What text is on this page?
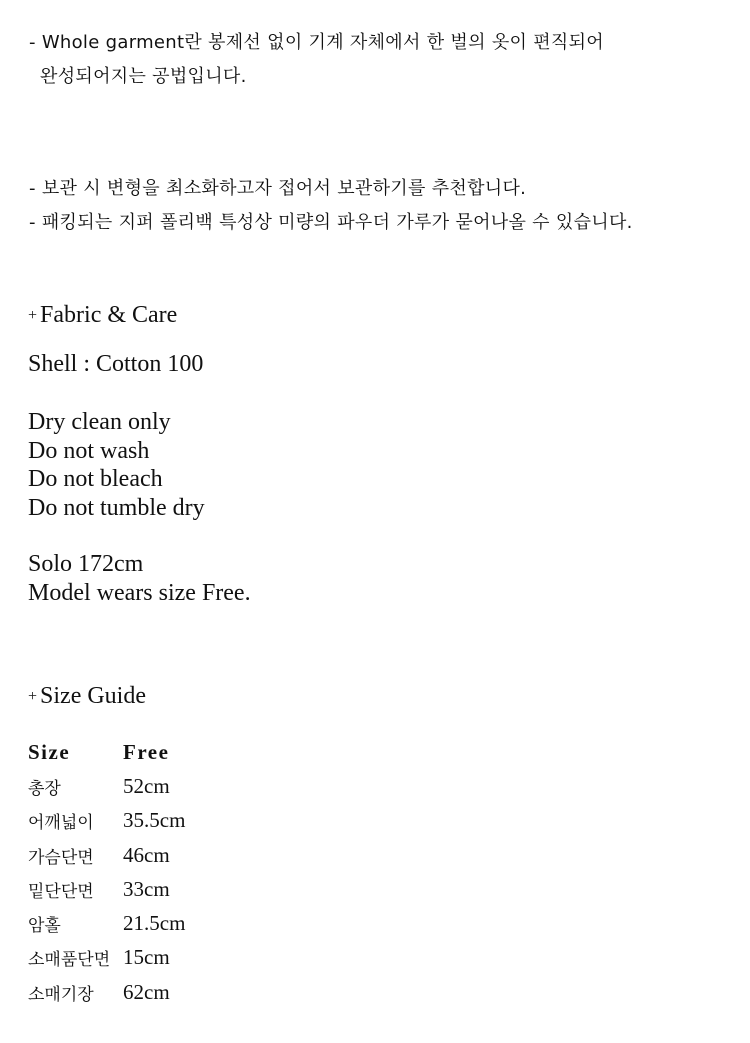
- Whole garment란 봉제선 없이 기계 자체에서 한 벌의 옷이 편직되어
완성되어지는 공법입니다.
- 보관 시 변형을 최소화하고자 접어서 보관하기를 추천합니다.
- 패킹되는 지퍼 폴리백 특성상 미량의 파우더 가루가 묻어나올 수 있습니다.
+ Fabric & Care
Shell : Cotton 100
Dry clean only
Do not wash
Do not bleach
Do not tumble dry
Solo 172cm
Model wears size Free.
+ Size Guide
Size	Free
총장	52cm
어깨넓이	35.5cm
가슴단면	46cm
밑단단면	33cm
암홀	21.5cm
소매품단면	15cm
소매기장	62cm
